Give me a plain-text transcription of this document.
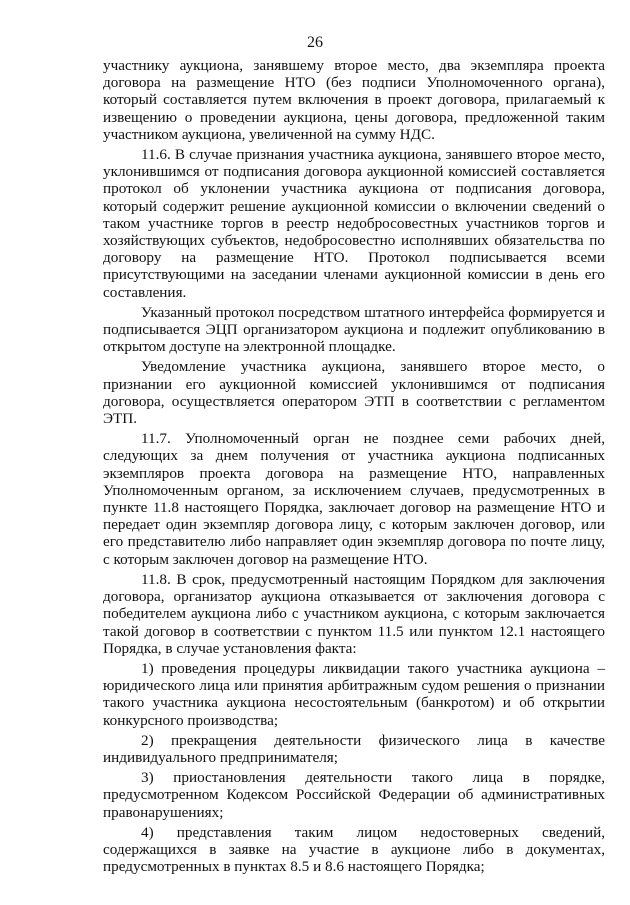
26

участнику аукциона, занявшему второе место, два экземпляра проекта договора на размещение НТО (без подписи Уполномоченного органа), который составляется путем включения в проект договора, прилагаемый к извещению о проведении аукциона, цены договора, предложенной таким участником аукциона, увеличенной на сумму НДС.

11.6. В случае признания участника аукциона, занявшего второе место, уклонившимся от подписания договора аукционной комиссией составляется протокол об уклонении участника аукциона от подписания договора, который содержит решение аукционной комиссии о включении сведений о таком участнике торгов в реестр недобросовестных участников торгов и хозяйствующих субъектов, недобросовестно исполнявших обязательства по договору на размещение НТО. Протокол подписывается всеми присутствующими на заседании членами аукционной комиссии в день его составления.

Указанный протокол посредством штатного интерфейса формируется и подписывается ЭЦП организатором аукциона и подлежит опубликованию в открытом доступе на электронной площадке.

Уведомление участника аукциона, занявшего второе место, о признании его аукционной комиссией уклонившимся от подписания договора, осуществляется оператором ЭТП в соответствии с регламентом ЭТП.

11.7. Уполномоченный орган не позднее семи рабочих дней, следующих за днем получения от участника аукциона подписанных экземпляров проекта договора на размещение НТО, направленных Уполномоченным органом, за исключением случаев, предусмотренных в пункте 11.8 настоящего Порядка, заключает договор на размещение НТО и передает один экземпляр договора лицу, с которым заключен договор, или его представителю либо направляет один экземпляр договора по почте лицу, с которым заключен договор на размещение НТО.

11.8. В срок, предусмотренный настоящим Порядком для заключения договора, организатор аукциона отказывается от заключения договора с победителем аукциона либо с участником аукциона, с которым заключается такой договор в соответствии с пунктом 11.5 или пунктом 12.1 настоящего Порядка, в случае установления факта:

1) проведения процедуры ликвидации такого участника аукциона – юридического лица или принятия арбитражным судом решения о признании такого участника аукциона несостоятельным (банкротом) и об открытии конкурсного производства;

2) прекращения деятельности физического лица в качестве индивидуального предпринимателя;

3) приостановления деятельности такого лица в порядке, предусмотренном Кодексом Российской Федерации об административных правонарушениях;

4) представления таким лицом недостоверных сведений, содержащихся в заявке на участие в аукционе либо в документах, предусмотренных в пунктах 8.5 и 8.6 настоящего Порядка;
